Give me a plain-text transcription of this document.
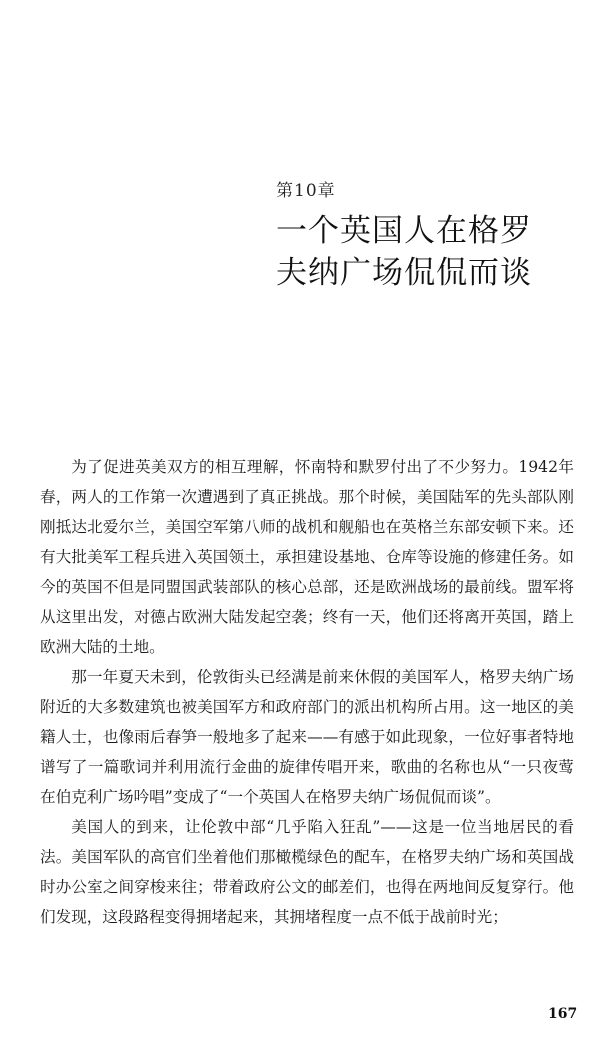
第10章
一个英国人在格罗
夫纳广场侃侃而谈

为了促进英美双方的相互理解，怀南特和默罗付出了不少努力。1942年春，两人的工作第一次遭遇到了真正挑战。那个时候，美国陆军的先头部队刚刚抵达北爱尔兰，美国空军第八师的战机和舰船也在英格兰东部安顿下来。还有大批美军工程兵进入英国领土，承担建设基地、仓库等设施的修建任务。如今的英国不但是同盟国武装部队的核心总部，还是欧洲战场的最前线。盟军将从这里出发，对德占欧洲大陆发起空袭；终有一天，他们还将离开英国，踏上欧洲大陆的土地。

那一年夏天未到，伦敦街头已经满是前来休假的美国军人，格罗夫纳广场附近的大多数建筑也被美国军方和政府部门的派出机构所占用。这一地区的美籍人士，也像雨后春笋一般地多了起来——有感于如此现象，一位好事者特地谱写了一篇歌词并利用流行金曲的旋律传唱开来，歌曲的名称也从“一只夜莺在伯克利广场吟唱”变成了“一个英国人在格罗夫纳广场侃侃而谈”。

美国人的到来，让伦敦中部“几乎陷入狂乱”——这是一位当地居民的看法。美国军队的高官们坐着他们那橄榄绿色的配车，在格罗夫纳广场和英国战时办公室之间穿梭来往；带着政府公文的邮差们，也得在两地间反复穿行。他们发现，这段路程变得拥堵起来，其拥堵程度一点不低于战前时光；

167
